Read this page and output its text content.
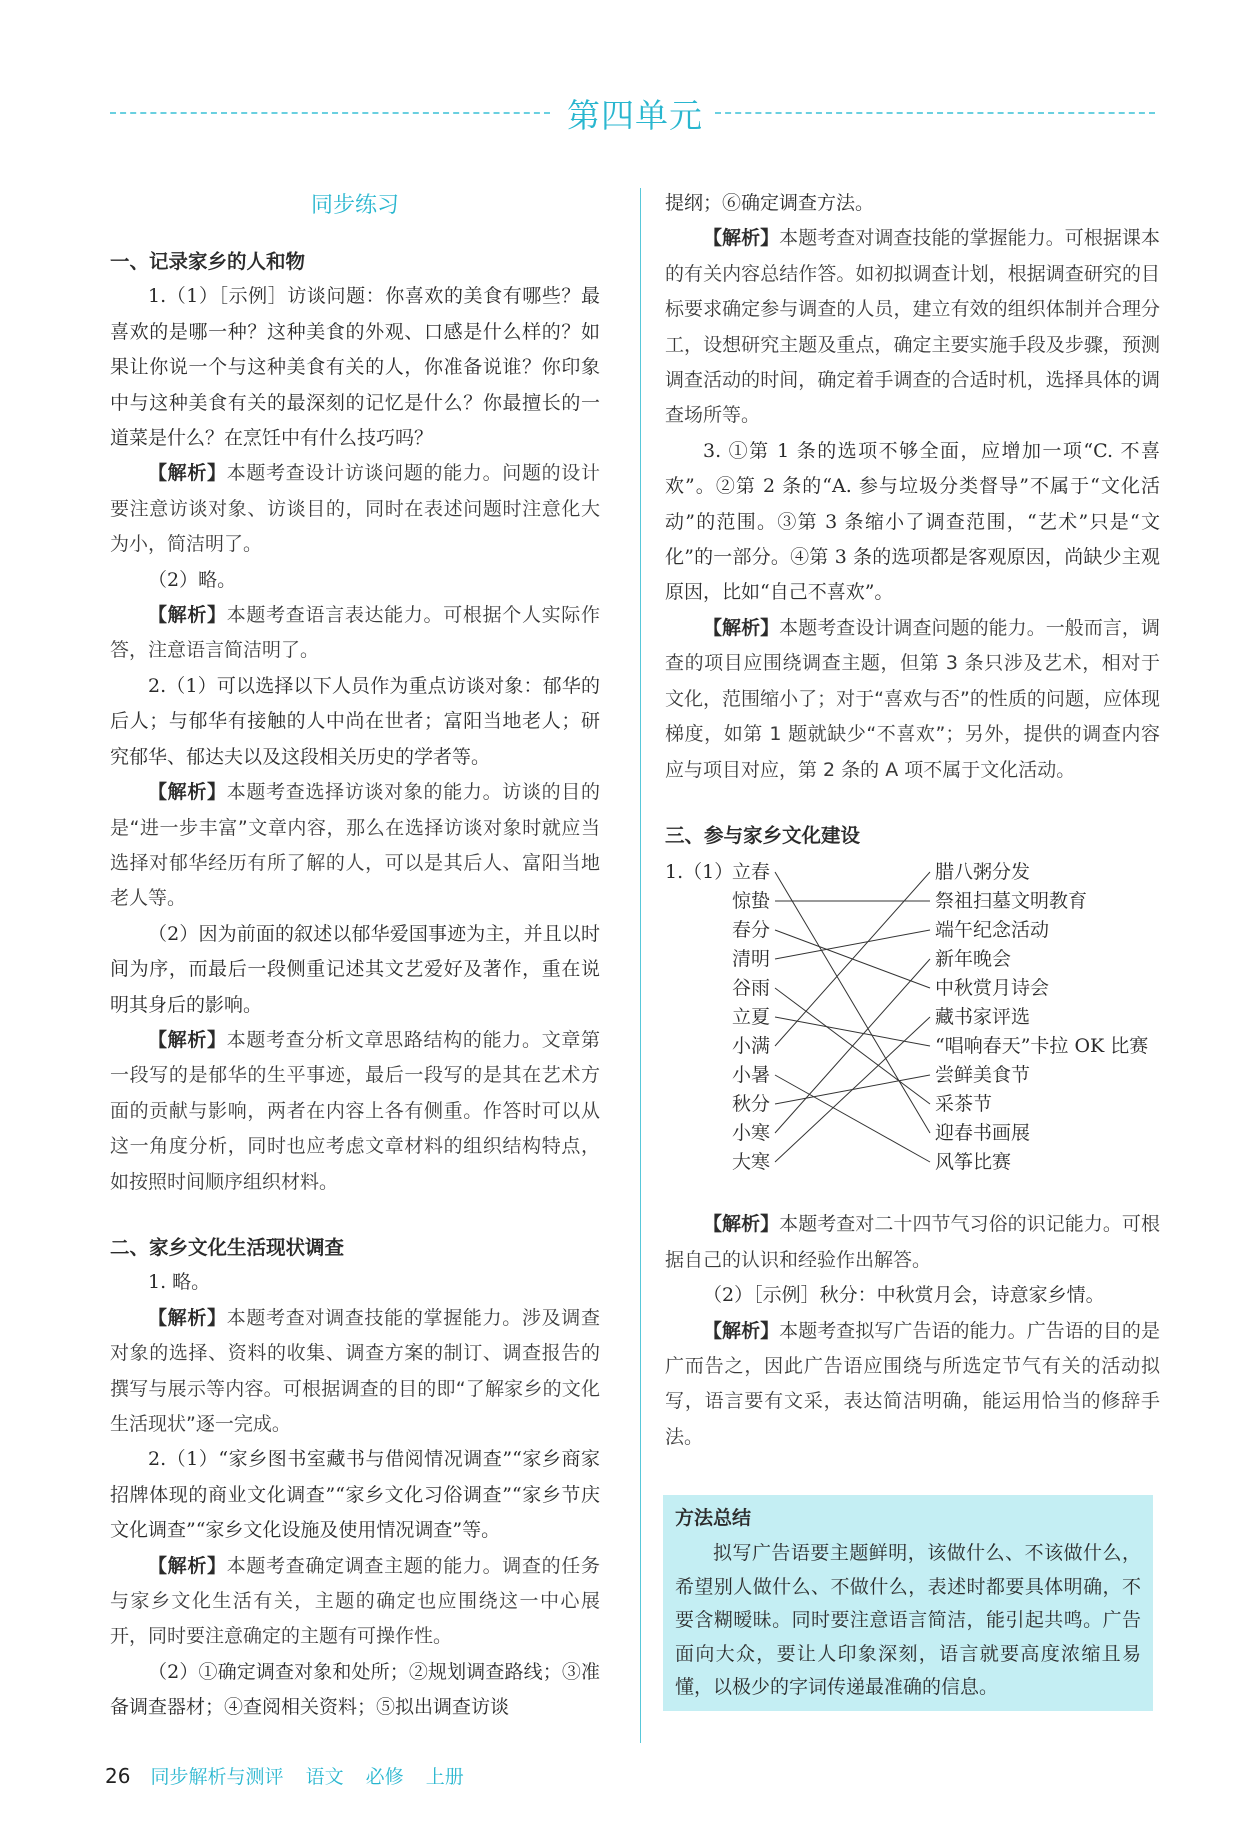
第四单元
同步练习

一、记录家乡的人和物

1.（1）［示例］访谈问题：你喜欢的美食有哪些？最喜欢的是哪一种？这种美食的外观、口感是什么样的？如果让你说一个与这种美食有关的人，你准备说谁？你印象中与这种美食有关的最深刻的记忆是什么？你最擅长的一道菜是什么？在烹饪中有什么技巧吗？

【解析】本题考查设计访谈问题的能力。问题的设计要注意访谈对象、访谈目的，同时在表述问题时注意化大为小，简洁明了。

（2）略。

【解析】本题考查语言表达能力。可根据个人实际作答，注意语言简洁明了。

2.（1）可以选择以下人员作为重点访谈对象：郁华的后人；与郁华有接触的人中尚在世者；富阳当地老人；研究郁华、郁达夫以及这段相关历史的学者等。

【解析】本题考查选择访谈对象的能力。访谈的目的是“进一步丰富”文章内容，那么在选择访谈对象时就应当选择对郁华经历有所了解的人，可以是其后人、富阳当地老人等。

（2）因为前面的叙述以郁华爱国事迹为主，并且以时间为序，而最后一段侧重记述其文艺爱好及著作，重在说明其身后的影响。

【解析】本题考查分析文章思路结构的能力。文章第一段写的是郁华的生平事迹，最后一段写的是其在艺术方面的贡献与影响，两者在内容上各有侧重。作答时可以从这一角度分析，同时也应考虑文章材料的组织结构特点，如按照时间顺序组织材料。

二、家乡文化生活现状调查

1. 略。

【解析】本题考查对调查技能的掌握能力。涉及调查对象的选择、资料的收集、调查方案的制订、调查报告的撰写与展示等内容。可根据调查的目的即“了解家乡的文化生活现状”逐一完成。

2.（1）“家乡图书室藏书与借阅情况调查”“家乡商家招牌体现的商业文化调查”“家乡文化习俗调查”“家乡节庆文化调查”“家乡文化设施及使用情况调查”等。

【解析】本题考查确定调查主题的能力。调查的任务与家乡文化生活有关，主题的确定也应围绕这一中心展开，同时要注意确定的主题有可操作性。

（2）①确定调查对象和处所；②规划调查路线；③准备调查器材；④查阅相关资料；⑤拟出调查访谈

提纲；⑥确定调查方法。

【解析】本题考查对调查技能的掌握能力。可根据课本的有关内容总结作答。如初拟调查计划，根据调查研究的目标要求确定参与调查的人员，建立有效的组织体制并合理分工，设想研究主题及重点，确定主要实施手段及步骤，预测调查活动的时间，确定着手调查的合适时机，选择具体的调查场所等。

3. ①第 1 条的选项不够全面，应增加一项“C. 不喜欢”。②第 2 条的“A. 参与垃圾分类督导”不属于“文化活动”的范围。③第 3 条缩小了调查范围，“艺术”只是“文化”的一部分。④第 3 条的选项都是客观原因，尚缺少主观原因，比如“自己不喜欢”。

【解析】本题考查设计调查问题的能力。一般而言，调查的项目应围绕调查主题，但第 3 条只涉及艺术，相对于文化，范围缩小了；对于“喜欢与否”的性质的问题，应体现梯度，如第 1 题就缺少“不喜欢”；另外，提供的调查内容应与项目对应，第 2 条的 A 项不属于文化活动。

三、参与家乡文化建设

1.（1）
立春
惊蛰
春分
清明
谷雨
立夏
小满
小暑
秋分
小寒
大寒
腊八粥分发
祭祖扫墓文明教育
端午纪念活动
新年晚会
中秋赏月诗会
藏书家评选
“唱响春天”卡拉 OK 比赛
尝鲜美食节
采茶节
迎春书画展
风筝比赛

【解析】本题考查对二十四节气习俗的识记能力。可根据自己的认识和经验作出解答。

（2）［示例］秋分：中秋赏月会，诗意家乡情。

【解析】本题考查拟写广告语的能力。广告语的目的是广而告之，因此广告语应围绕与所选定节气有关的活动拟写，语言要有文采，表达简洁明确，能运用恰当的修辞手法。

方法总结
拟写广告语要主题鲜明，该做什么、不该做什么，希望别人做什么、不做什么，表述时都要具体明确，不要含糊暧昧。同时要注意语言简洁，能引起共鸣。广告面向大众，要让人印象深刻，语言就要高度浓缩且易懂，以极少的字词传递最准确的信息。
26 同步解析与测评 语文 必修 上册
